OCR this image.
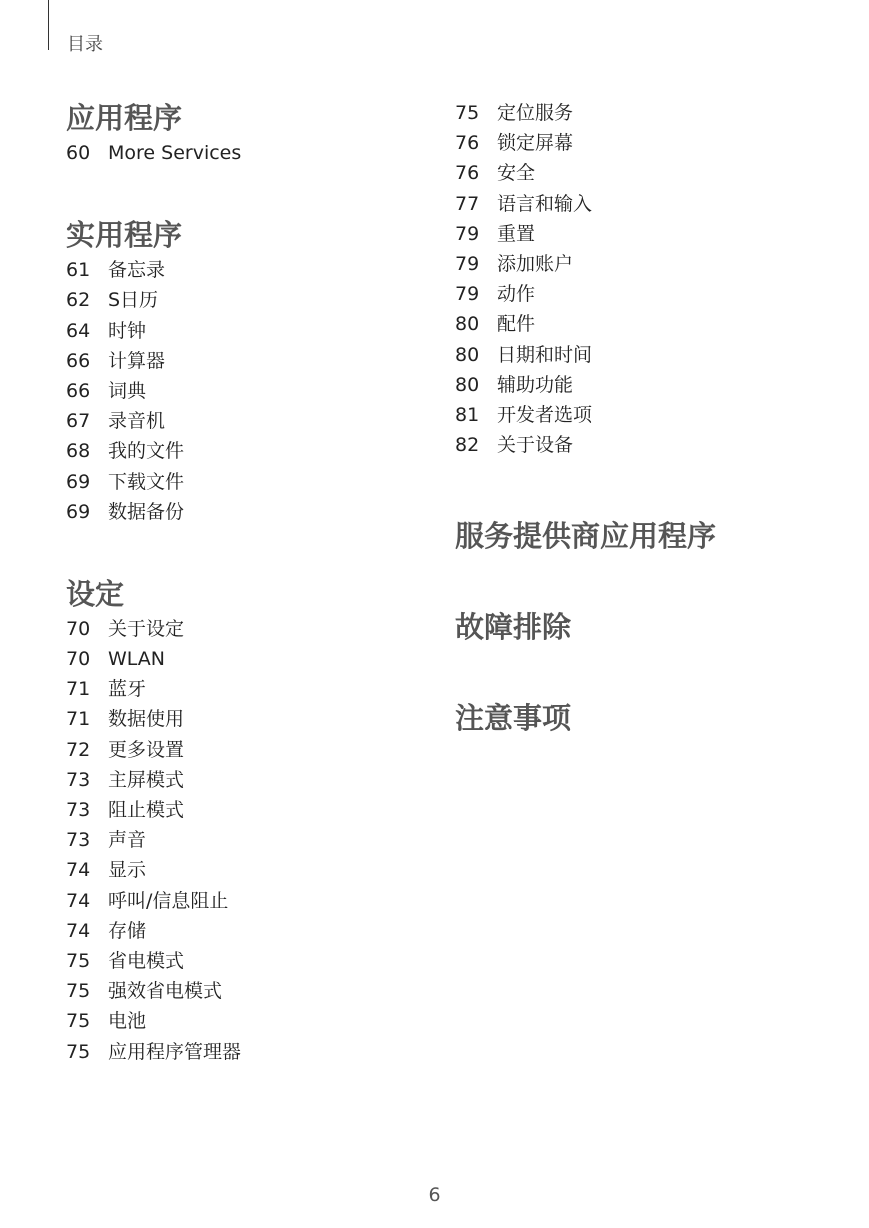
目录
应用程序
60 More Services
实用程序
61 备忘录
62 S日历
64 时钟
66 计算器
66 词典
67 录音机
68 我的文件
69 下载文件
69 数据备份
设定
70 关于设定
70 WLAN
71 蓝牙
71 数据使用
72 更多设置
73 主屏模式
73 阻止模式
73 声音
74 显示
74 呼叫/信息阻止
74 存储
75 省电模式
75 强效省电模式
75 电池
75 应用程序管理器
75 定位服务
76 锁定屏幕
76 安全
77 语言和输入
79 重置
79 添加账户
79 动作
80 配件
80 日期和时间
80 辅助功能
81 开发者选项
82 关于设备
服务提供商应用程序
故障排除
注意事项
6
